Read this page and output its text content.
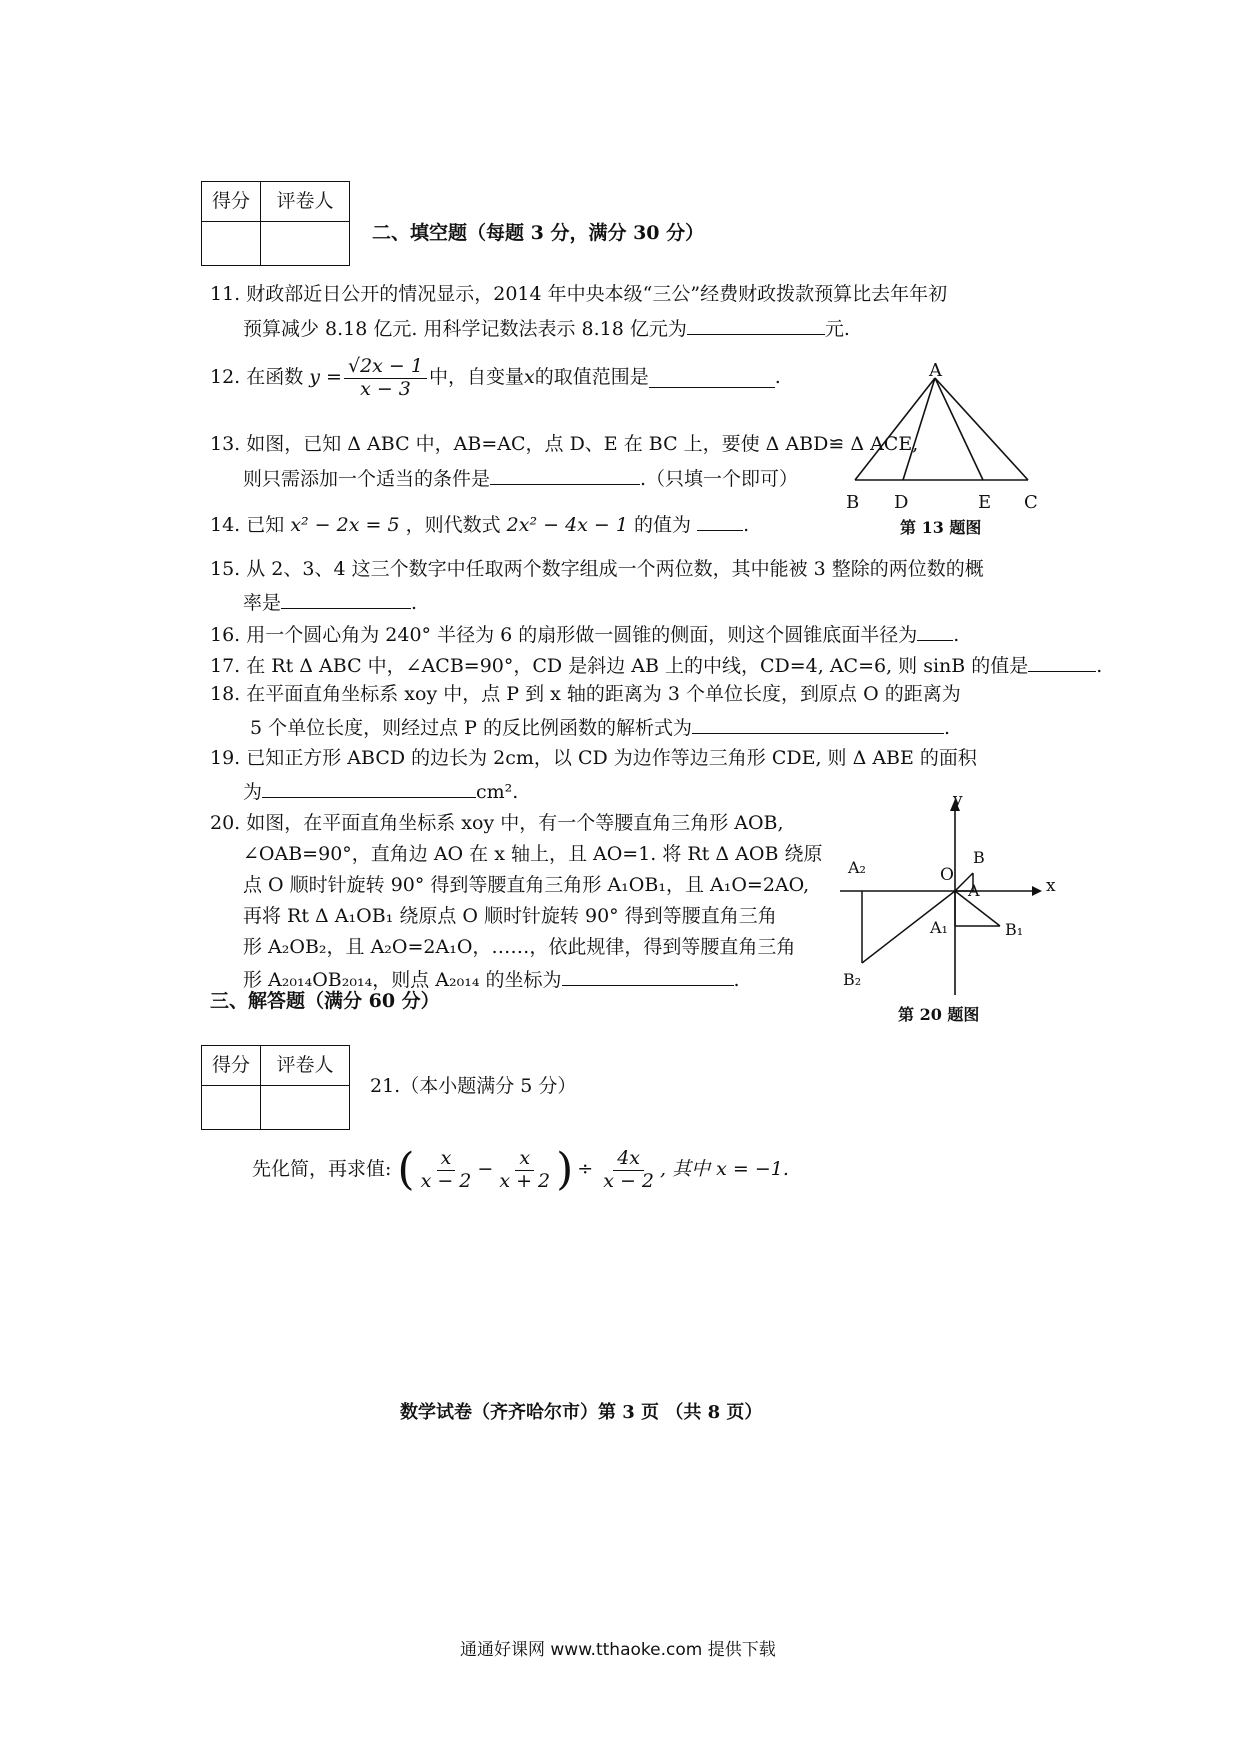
得分	评卷人

二、填空题（每题 3 分，满分 30 分）
11. 财政部近日公开的情况显示，2014 年中央本级“三公”经费财政拨款预算比去年年初
预算减少 8.18 亿元. 用科学记数法表示 8.18 亿元为	元.
12. 在函数 $y = \frac{√2x - 1}{x - 3}$ 中，自变量 x 的取值范围是	.	A
B D	E C
第 13 题图
13. 如图，已知 Δ ABC 中，AB=AC，点 D、E 在 BC 上，要使 Δ ABD≌ Δ ACE,
则只需添加一个适当的条件是	.（只填一个即可）
14. 已知 x² − 2x = 5 ，则代数式 2x² − 4x − 1 的值为	.
15. 从 2、3、4 这三个数字中任取两个数字组成一个两位数，其中能被 3 整除的两位数的概
率是	.
16. 用一个圆心角为 240° 半径为 6 的扇形做一圆锥的侧面，则这个圆锥底面半径为 .
17. 在 Rt Δ ABC 中，∠ACB=90°，CD 是斜边 AB 上的中线，CD=4, AC=6, 则 sinB 的值是	.
18. 在平面直角坐标系 xoy 中，点 P 到 x 轴的距离为 3 个单位长度，到原点 O 的距离为
5 个单位长度，则经过点 P 的反比例函数的解析式为	.
19. 已知正方形 ABCD 的边长为 2cm，以 CD 为边作等边三角形 CDE, 则 Δ ABE 的面积
为	cm².
20. 如图，在平面直角坐标系 xoy 中，有一个等腰直角三角形 AOB,
∠OAB=90°，直角边 AO 在 x 轴上，且 AO=1. 将 Rt Δ AOB 绕原
点 O 顺时针旋转 90° 得到等腰直角三角形 A₁OB₁，且 A₁O=2AO,
再将 Rt Δ A₁OB₁ 绕原点 O 顺时针旋转 90° 得到等腰直角三角
形 A₂OB₂，且 A₂O=2A₁O，……，依此规律，得到等腰直角三角
形 A₂₀₁₄OB₂₀₁₄，则点 A₂₀₁₄ 的坐标为	.
y
x
O
B
A
A₂
A₁	B₁
B₂
第 20 题图
三、解答题（满分 60 分）
得分	评卷人

21.（本小题满分 5 分）
先化简，再求值: ( $\frac{x}{x - 2} - \frac{x}{x + 2}$ ) ÷ $\frac{4x}{x - 2}$ , 其中 x = −1.
数学试卷（齐齐哈尔市）第 3 页 （共 8 页）
通通好课网 www.tthaoke.com 提供下载
